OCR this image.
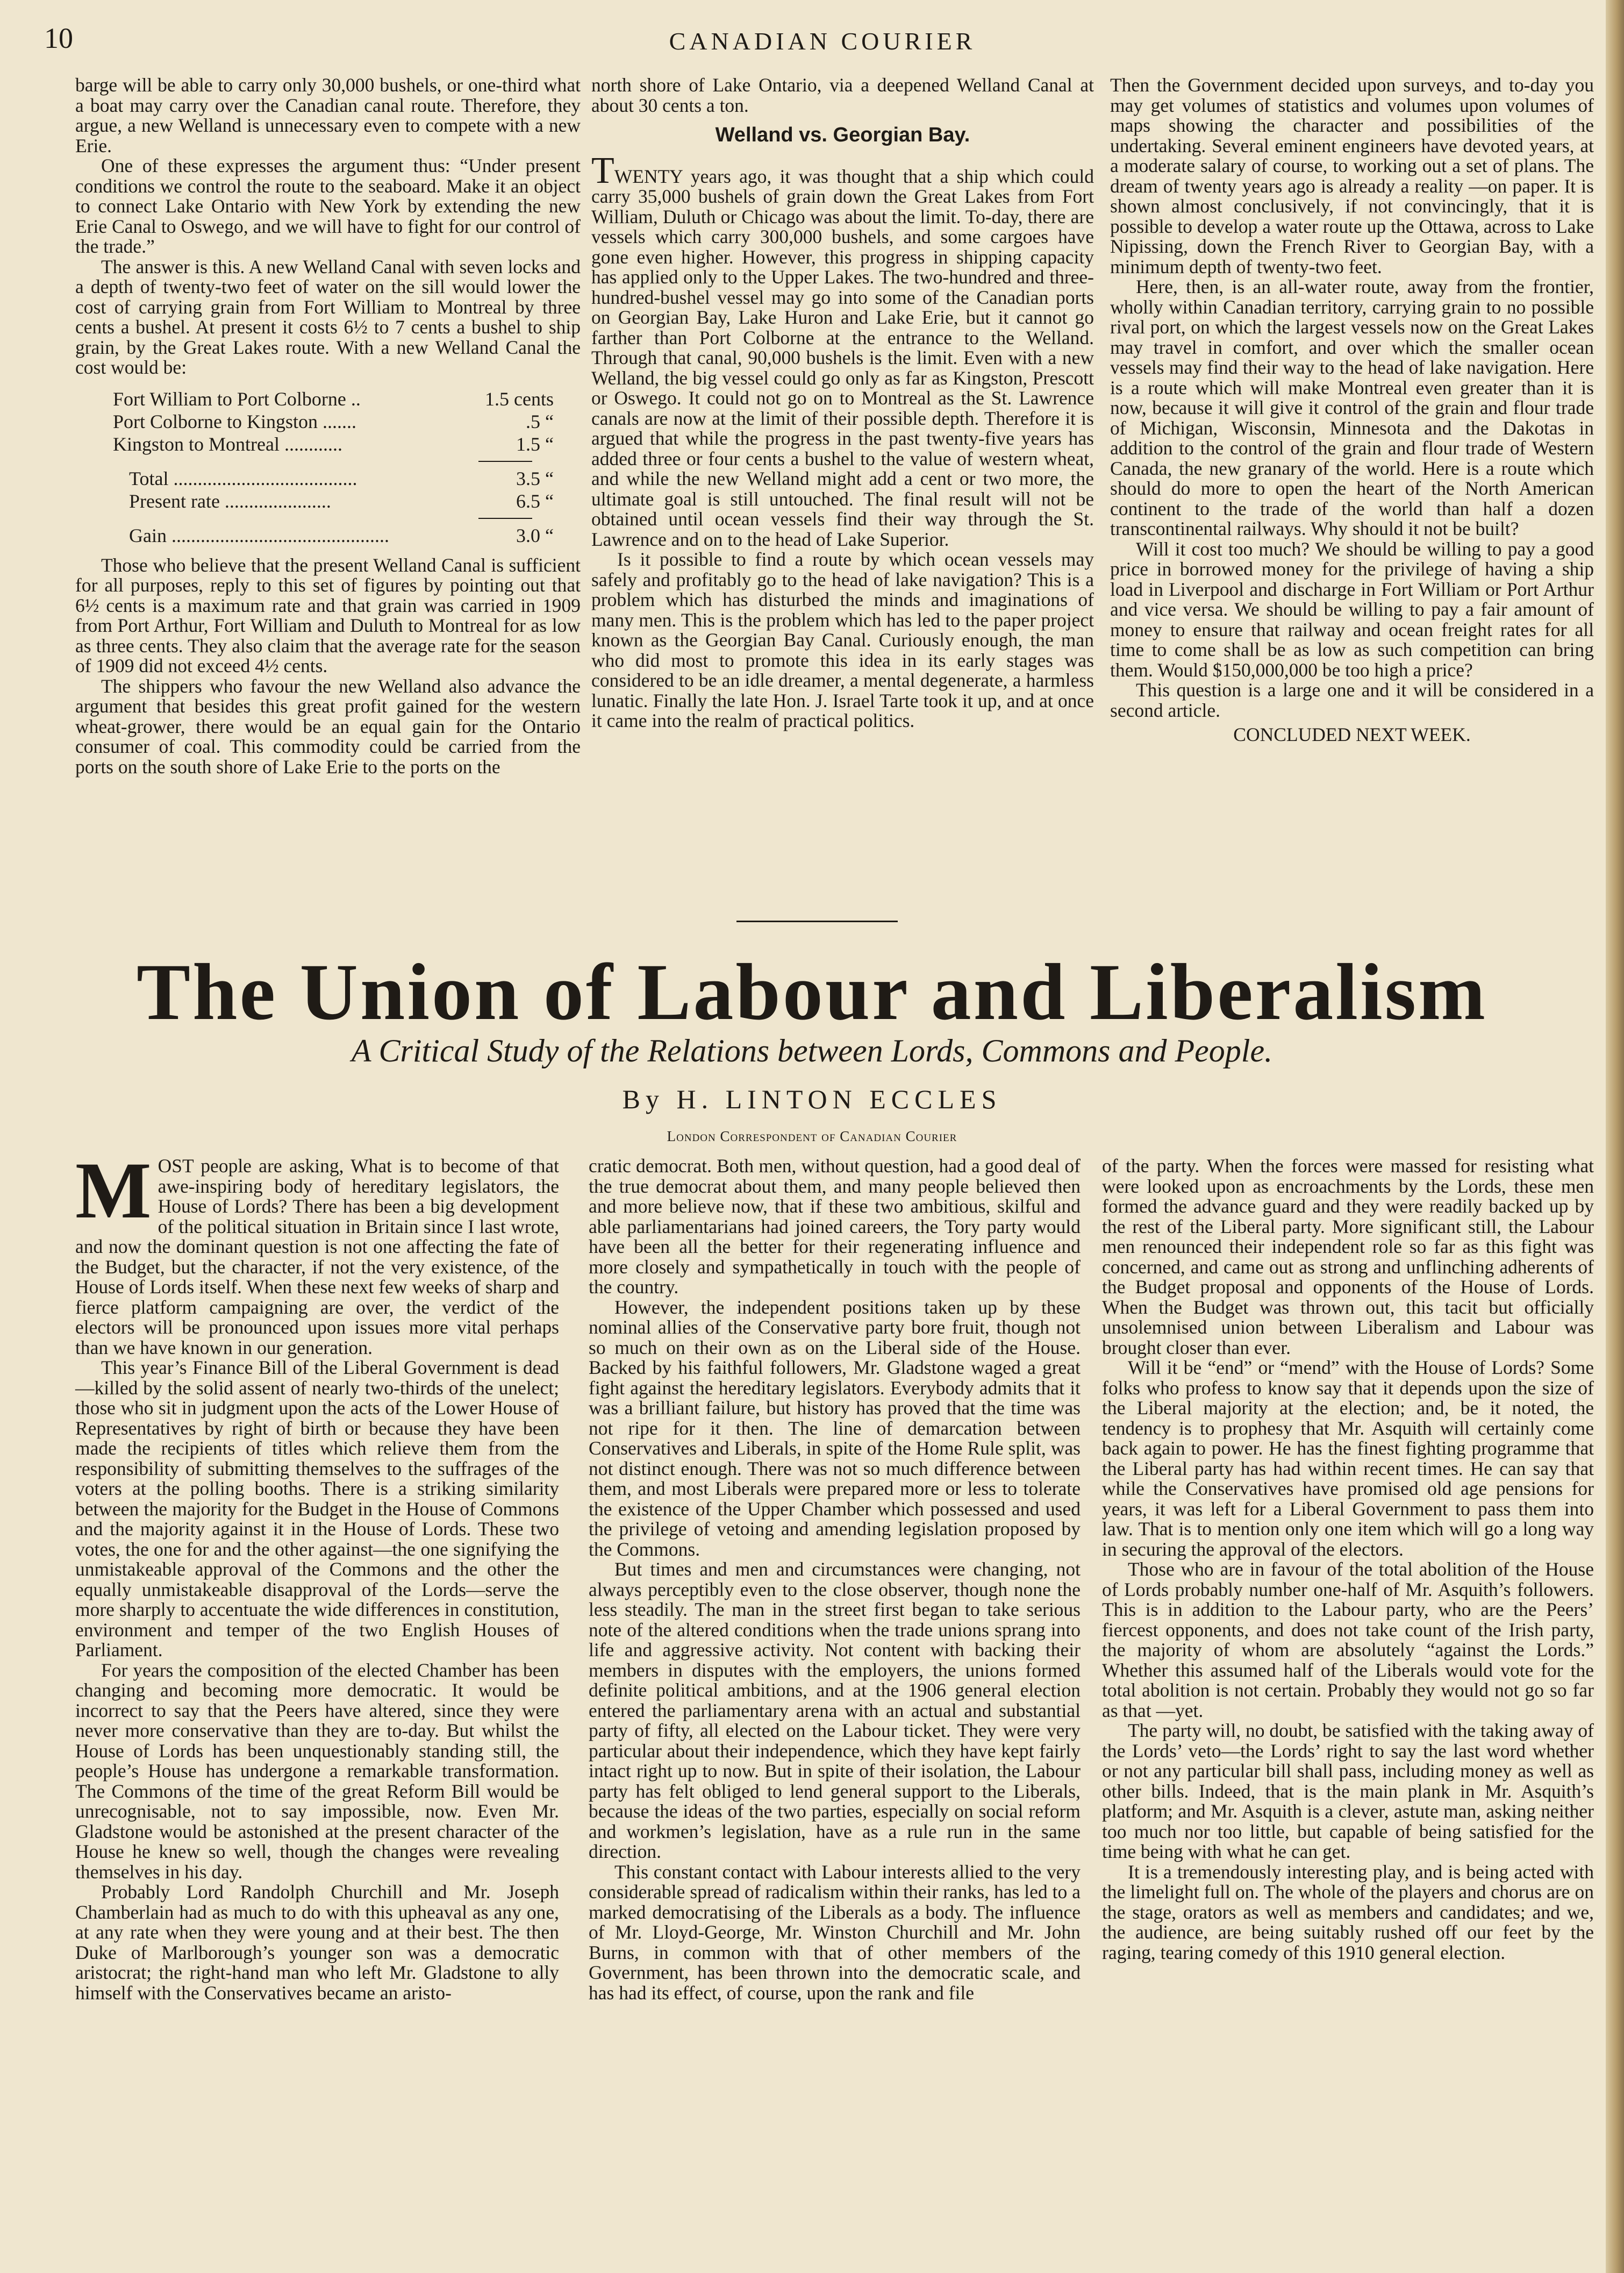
10	CANADIAN COURIER

barge will be able to carry only 30,000 bushels, or one-third what a boat may carry over the Canadian canal route. Therefore, they argue, a new Welland is unnecessary even to compete with a new Erie.

One of these expresses the argument thus: “Under present conditions we control the route to the seaboard. Make it an object to connect Lake Ontario with New York by extending the new Erie Canal to Oswego, and we will have to fight for our control of the trade.”

The answer is this. A new Welland Canal with seven locks and a depth of twenty-two feet of water on the sill would lower the cost of carrying grain from Fort William to Montreal by three cents a bushel. At present it costs 6½ to 7 cents a bushel to ship grain, by the Great Lakes route. With a new Welland Canal the cost would be:

Fort William to Port Colborne ..	1.5 cents
Port Colborne to Kingston .......	.5 “
Kingston to Montreal ............	1.5 “
Total ......................................	3.5 “
Present rate ......................	6.5 “
Gain .............................................	3.0 “

Those who believe that the present Welland Canal is sufficient for all purposes, reply to this set of figures by pointing out that 6½ cents is a maximum rate and that grain was carried in 1909 from Port Arthur, Fort William and Duluth to Montreal for as low as three cents. They also claim that the average rate for the season of 1909 did not exceed 4½ cents.

The shippers who favour the new Welland also advance the argument that besides this great profit gained for the western wheat-grower, there would be an equal gain for the Ontario consumer of coal. This commodity could be carried from the ports on the south shore of Lake Erie to the ports on the

north shore of Lake Ontario, via a deepened Welland Canal at about 30 cents a ton.

Welland vs. Georgian Bay.

TWENTY years ago, it was thought that a ship which could carry 35,000 bushels of grain down the Great Lakes from Fort William, Duluth or Chicago was about the limit. To-day, there are vessels which carry 300,000 bushels, and some cargoes have gone even higher. However, this progress in shipping capacity has applied only to the Upper Lakes. The two-hundred and three-hundred-bushel vessel may go into some of the Canadian ports on Georgian Bay, Lake Huron and Lake Erie, but it cannot go farther than Port Colborne at the entrance to the Welland. Through that canal, 90,000 bushels is the limit. Even with a new Welland, the big vessel could go only as far as Kingston, Prescott or Oswego. It could not go on to Montreal as the St. Lawrence canals are now at the limit of their possible depth. Therefore it is argued that while the progress in the past twenty-five years has added three or four cents a bushel to the value of western wheat, and while the new Welland might add a cent or two more, the ultimate goal is still untouched. The final result will not be obtained until ocean vessels find their way through the St. Lawrence and on to the head of Lake Superior.

Is it possible to find a route by which ocean vessels may safely and profitably go to the head of lake navigation? This is a problem which has disturbed the minds and imaginations of many men. This is the problem which has led to the paper project known as the Georgian Bay Canal. Curiously enough, the man who did most to promote this idea in its early stages was considered to be an idle dreamer, a mental degenerate, a harmless lunatic. Finally the late Hon. J. Israel Tarte took it up, and at once it came into the realm of practical politics.

Then the Government decided upon surveys, and to-day you may get volumes of statistics and volumes upon volumes of maps showing the character and possibilities of the undertaking. Several eminent engineers have devoted years, at a moderate salary of course, to working out a set of plans. The dream of twenty years ago is already a reality —on paper. It is shown almost conclusively, if not convincingly, that it is possible to develop a water route up the Ottawa, across to Lake Nipissing, down the French River to Georgian Bay, with a minimum depth of twenty-two feet.

Here, then, is an all-water route, away from the frontier, wholly within Canadian territory, carrying grain to no possible rival port, on which the largest vessels now on the Great Lakes may travel in comfort, and over which the smaller ocean vessels may find their way to the head of lake navigation. Here is a route which will make Montreal even greater than it is now, because it will give it control of the grain and flour trade of Michigan, Wisconsin, Minnesota and the Dakotas in addition to the control of the grain and flour trade of Western Canada, the new granary of the world. Here is a route which should do more to open the heart of the North American continent to the trade of the world than half a dozen transcontinental railways. Why should it not be built?

Will it cost too much? We should be willing to pay a good price in borrowed money for the privilege of having a ship load in Liverpool and discharge in Fort William or Port Arthur and vice versa. We should be willing to pay a fair amount of money to ensure that railway and ocean freight rates for all time to come shall be as low as such competition can bring them. Would $150,000,000 be too high a price?

This question is a large one and it will be considered in a second article.

CONCLUDED NEXT WEEK.
The Union of Labour and Liberalism
A Critical Study of the Relations between Lords, Commons and People.
By H. LINTON ECCLES
London Correspondent of Canadian Courier

MOST people are asking, What is to become of that awe-inspiring body of hereditary legislators, the House of Lords? There has been a big development of the political situation in Britain since I last wrote, and now the dominant question is not one affecting the fate of the Budget, but the character, if not the very existence, of the House of Lords itself. When these next few weeks of sharp and fierce platform campaigning are over, the verdict of the electors will be pronounced upon issues more vital perhaps than we have known in our generation.

This year’s Finance Bill of the Liberal Government is dead—killed by the solid assent of nearly two-thirds of the unelect; those who sit in judgment upon the acts of the Lower House of Representatives by right of birth or because they have been made the recipients of titles which relieve them from the responsibility of submitting themselves to the suffrages of the voters at the polling booths. There is a striking similarity between the majority for the Budget in the House of Commons and the majority against it in the House of Lords. These two votes, the one for and the other against—the one signifying the unmistakeable approval of the Commons and the other the equally unmistakeable disapproval of the Lords—serve the more sharply to accentuate the wide differences in constitution, environment and temper of the two English Houses of Parliament.

For years the composition of the elected Chamber has been changing and becoming more democratic. It would be incorrect to say that the Peers have altered, since they were never more conservative than they are to-day. But whilst the House of Lords has been unquestionably standing still, the people’s House has undergone a remarkable transformation. The Commons of the time of the great Reform Bill would be unrecognisable, not to say impossible, now. Even Mr. Gladstone would be astonished at the present character of the House he knew so well, though the changes were revealing themselves in his day.

Probably Lord Randolph Churchill and Mr. Joseph Chamberlain had as much to do with this upheaval as any one, at any rate when they were young and at their best. The then Duke of Marlborough’s younger son was a democratic aristocrat; the right-hand man who left Mr. Gladstone to ally himself with the Conservatives became an aristo-

cratic democrat. Both men, without question, had a good deal of the true democrat about them, and many people believed then and more believe now, that if these two ambitious, skilful and able parliamentarians had joined careers, the Tory party would have been all the better for their regenerating influence and more closely and sympathetically in touch with the people of the country.

However, the independent positions taken up by these nominal allies of the Conservative party bore fruit, though not so much on their own as on the Liberal side of the House. Backed by his faithful followers, Mr. Gladstone waged a great fight against the hereditary legislators. Everybody admits that it was a brilliant failure, but history has proved that the time was not ripe for it then. The line of demarcation between Conservatives and Liberals, in spite of the Home Rule split, was not distinct enough. There was not so much difference between them, and most Liberals were prepared more or less to tolerate the existence of the Upper Chamber which possessed and used the privilege of vetoing and amending legislation proposed by the Commons.

But times and men and circumstances were changing, not always perceptibly even to the close observer, though none the less steadily. The man in the street first began to take serious note of the altered conditions when the trade unions sprang into life and aggressive activity. Not content with backing their members in disputes with the employers, the unions formed definite political ambitions, and at the 1906 general election entered the parliamentary arena with an actual and substantial party of fifty, all elected on the Labour ticket. They were very particular about their independence, which they have kept fairly intact right up to now. But in spite of their isolation, the Labour party has felt obliged to lend general support to the Liberals, because the ideas of the two parties, especially on social reform and workmen’s legislation, have as a rule run in the same direction.

This constant contact with Labour interests allied to the very considerable spread of radicalism within their ranks, has led to a marked democratising of the Liberals as a body. The influence of Mr. Lloyd-George, Mr. Winston Churchill and Mr. John Burns, in common with that of other members of the Government, has been thrown into the democratic scale, and has had its effect, of course, upon the rank and file

of the party. When the forces were massed for resisting what were looked upon as encroachments by the Lords, these men formed the advance guard and they were readily backed up by the rest of the Liberal party. More significant still, the Labour men renounced their independent role so far as this fight was concerned, and came out as strong and unflinching adherents of the Budget proposal and opponents of the House of Lords. When the Budget was thrown out, this tacit but officially unsolemnised union between Liberalism and Labour was brought closer than ever.

Will it be “end” or “mend” with the House of Lords? Some folks who profess to know say that it depends upon the size of the Liberal majority at the election; and, be it noted, the tendency is to prophesy that Mr. Asquith will certainly come back again to power. He has the finest fighting programme that the Liberal party has had within recent times. He can say that while the Conservatives have promised old age pensions for years, it was left for a Liberal Government to pass them into law. That is to mention only one item which will go a long way in securing the approval of the electors.

Those who are in favour of the total abolition of the House of Lords probably number one-half of Mr. Asquith’s followers. This is in addition to the Labour party, who are the Peers’ fiercest opponents, and does not take count of the Irish party, the majority of whom are absolutely “against the Lords.” Whether this assumed half of the Liberals would vote for the total abolition is not certain. Probably they would not go so far as that —yet.

The party will, no doubt, be satisfied with the taking away of the Lords’ veto—the Lords’ right to say the last word whether or not any particular bill shall pass, including money as well as other bills. Indeed, that is the main plank in Mr. Asquith’s platform; and Mr. Asquith is a clever, astute man, asking neither too much nor too little, but capable of being satisfied for the time being with what he can get.

It is a tremendously interesting play, and is being acted with the limelight full on. The whole of the players and chorus are on the stage, orators as well as members and candidates; and we, the audience, are being suitably rushed off our feet by the raging, tearing comedy of this 1910 general election.
